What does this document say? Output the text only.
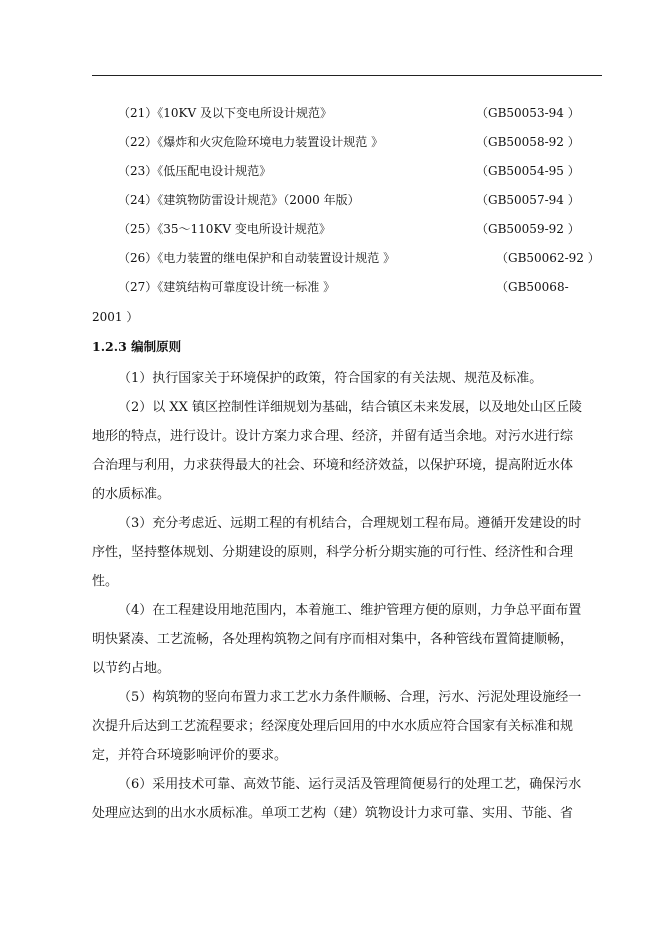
（21）《10KV 及以下变电所设计规范》	（GB50053-94 ）
（22）《爆炸和火灾危险环境电力装置设计规范 》	（GB50058-92 ）
（23）《低压配电设计规范》	（GB50054-95 ）
（24）《建筑物防雷设计规范》（2000 年版）	（GB50057-94 ）
（25）《35～110KV 变电所设计规范》	（GB50059-92 ）
（26）《电力装置的继电保护和自动装置设计规范 》	（GB50062-92 ）
（27）《建筑结构可靠度设计统一标准 》	（GB50068-
2001 ）
1.2.3 编制原则
（1）执行国家关于环境保护的政策，符合国家的有关法规、规范及标准。
（2）以 XX 镇区控制性详细规划为基础，结合镇区未来发展，以及地处山区丘陵
地形的特点，进行设计。设计方案力求合理、经济，并留有适当余地。对污水进行综
合治理与利用，力求获得最大的社会、环境和经济效益，以保护环境，提高附近水体
的水质标准。
（3）充分考虑近、远期工程的有机结合，合理规划工程布局。遵循开发建设的时
序性，坚持整体规划、分期建设的原则，科学分析分期实施的可行性、经济性和合理
性。
（4）在工程建设用地范围内，本着施工、维护管理方便的原则，力争总平面布置
明快紧凑、工艺流畅，各处理构筑物之间有序而相对集中，各种管线布置简捷顺畅，
以节约占地。
（5）构筑物的竖向布置力求工艺水力条件顺畅、合理，污水、污泥处理设施经一
次提升后达到工艺流程要求；经深度处理后回用的中水水质应符合国家有关标准和规
定，并符合环境影响评价的要求。
（6）采用技术可靠、高效节能、运行灵活及管理简便易行的处理工艺，确保污水
处理应达到的出水水质标准。单项工艺构（建）筑物设计力求可靠、实用、节能、省
